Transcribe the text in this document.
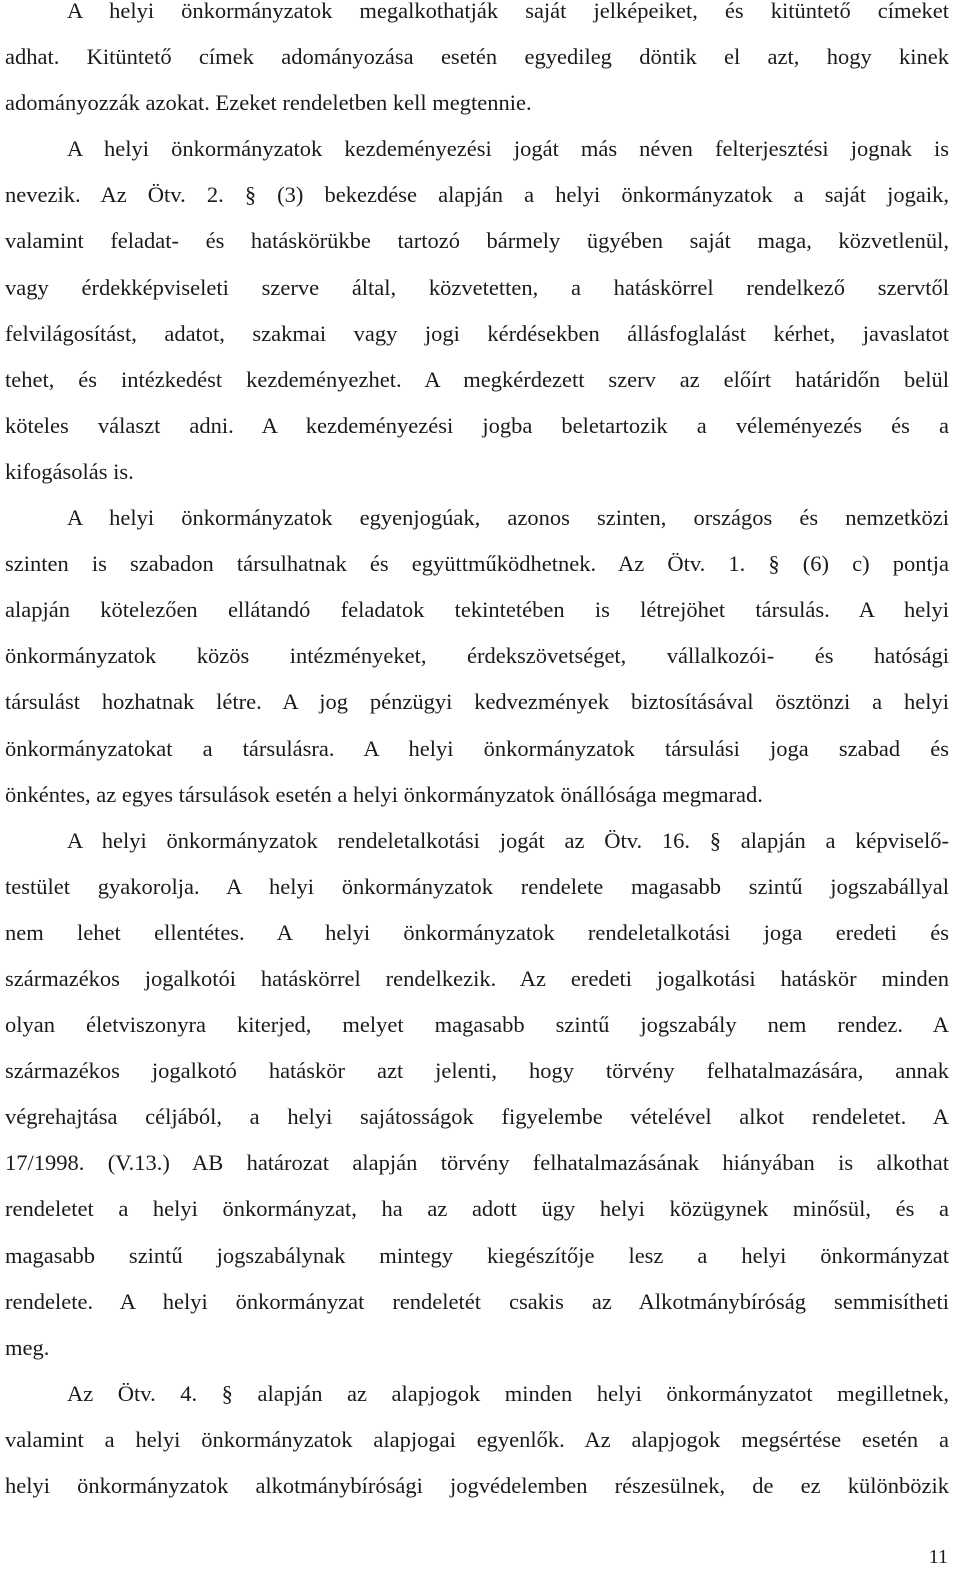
A helyi önkormányzatok megalkothatják saját jelképeiket, és kitüntető címeket
adhat. Kitüntető címek adományozása esetén egyedileg döntik el azt, hogy kinek
adományozzák azokat. Ezeket rendeletben kell megtennie.
A helyi önkormányzatok kezdeményezési jogát más néven felterjesztési jognak is
nevezik. Az Ötv. 2. § (3) bekezdése alapján a helyi önkormányzatok a saját jogaik,
valamint feladat- és hatáskörükbe tartozó bármely ügyében saját maga, közvetlenül,
vagy érdekképviseleti szerve által, közvetetten, a hatáskörrel rendelkező szervtől
felvilágosítást, adatot, szakmai vagy jogi kérdésekben állásfoglalást kérhet, javaslatot
tehet, és intézkedést kezdeményezhet. A megkérdezett szerv az előírt határidőn belül
köteles választ adni. A kezdeményezési jogba beletartozik a véleményezés és a
kifogásolás is.
A helyi önkormányzatok egyenjogúak, azonos szinten, országos és nemzetközi
szinten is szabadon társulhatnak és együttműködhetnek. Az Ötv. 1. § (6) c) pontja
alapján kötelezően ellátandó feladatok tekintetében is létrejöhet társulás. A helyi
önkormányzatok közös intézményeket, érdekszövetséget, vállalkozói- és hatósági
társulást hozhatnak létre. A jog pénzügyi kedvezmények biztosításával ösztönzi a helyi
önkormányzatokat a társulásra. A helyi önkormányzatok társulási joga szabad és
önkéntes, az egyes társulások esetén a helyi önkormányzatok önállósága megmarad.
A helyi önkormányzatok rendeletalkotási jogát az Ötv. 16. § alapján a képviselő-
testület gyakorolja. A helyi önkormányzatok rendelete magasabb szintű jogszabállyal
nem lehet ellentétes. A helyi önkormányzatok rendeletalkotási joga eredeti és
származékos jogalkotói hatáskörrel rendelkezik. Az eredeti jogalkotási hatáskör minden
olyan életviszonyra kiterjed, melyet magasabb szintű jogszabály nem rendez. A
származékos jogalkotó hatáskör azt jelenti, hogy törvény felhatalmazására, annak
végrehajtása céljából, a helyi sajátosságok figyelembe vételével alkot rendeletet. A
17/1998. (V.13.) AB határozat alapján törvény felhatalmazásának hiányában is alkothat
rendeletet a helyi önkormányzat, ha az adott ügy helyi közügynek minősül, és a
magasabb szintű jogszabálynak mintegy kiegészítője lesz a helyi önkormányzat
rendelete. A helyi önkormányzat rendeletét csakis az Alkotmánybíróság semmisítheti
meg.
Az Ötv. 4. § alapján az alapjogok minden helyi önkormányzatot megilletnek,
valamint a helyi önkormányzatok alapjogai egyenlők. Az alapjogok megsértése esetén a
helyi önkormányzatok alkotmánybírósági jogvédelemben részesülnek, de ez különbözik
11
